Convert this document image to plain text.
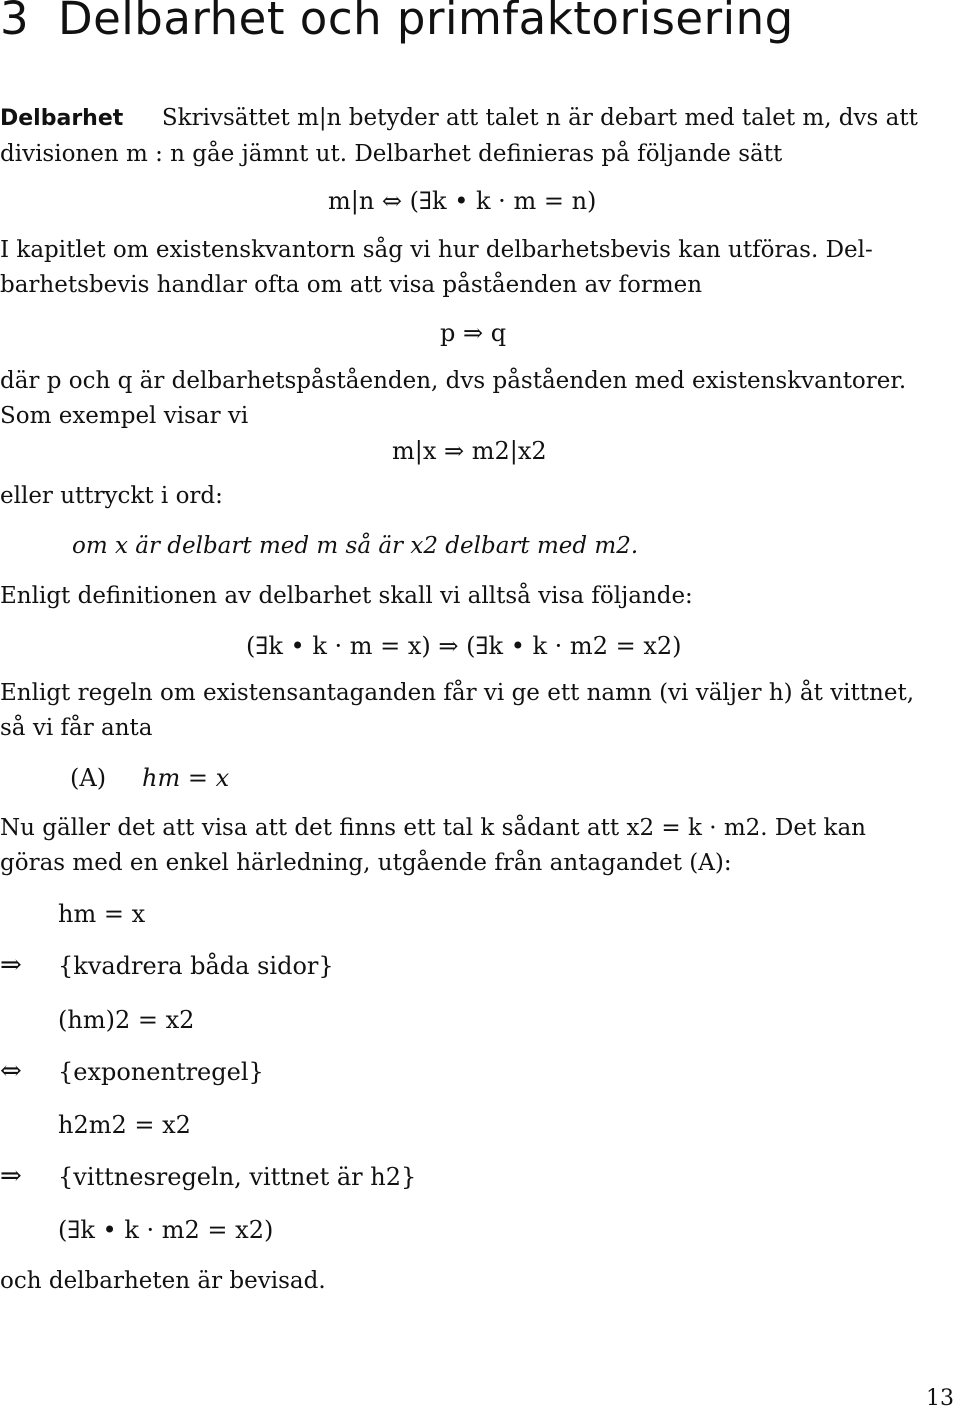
3 Delbarhet och primfaktorisering
Delbarhet Skrivsättet m|n betyder att talet n är debart med talet m, dvs att
divisionen m : n gåe jämnt ut. Delbarhet definieras på följande sätt
m|n ⇔ (∃k • k · m = n)
I kapitlet om existenskvantorn såg vi hur delbarhetsbevis kan utföras. Del-
barhetsbevis handlar ofta om att visa påståenden av formen
p ⇒ q
där p och q är delbarhetspåståenden, dvs påståenden med existenskvantorer.
Som exempel visar vi
m|x ⇒ m2|x2
eller uttryckt i ord:
om x är delbart med m så är x2 delbart med m2.
Enligt definitionen av delbarhet skall vi alltså visa följande:
(∃k • k · m = x) ⇒ (∃k • k · m2 = x2)
Enligt regeln om existensantaganden får vi ge ett namn (vi väljer h) åt vittnet,
så vi får anta
(A) hm = x
Nu gäller det att visa att det finns ett tal k sådant att x2 = k · m2. Det kan
göras med en enkel härledning, utgående från antagandet (A):
hm = x
⇒ {kvadrera båda sidor}
(hm)2 = x2
⇔ {exponentregel}
h2m2 = x2
⇒ {vittnesregeln, vittnet är h2}
(∃k • k · m2 = x2)
och delbarheten är bevisad.
13
